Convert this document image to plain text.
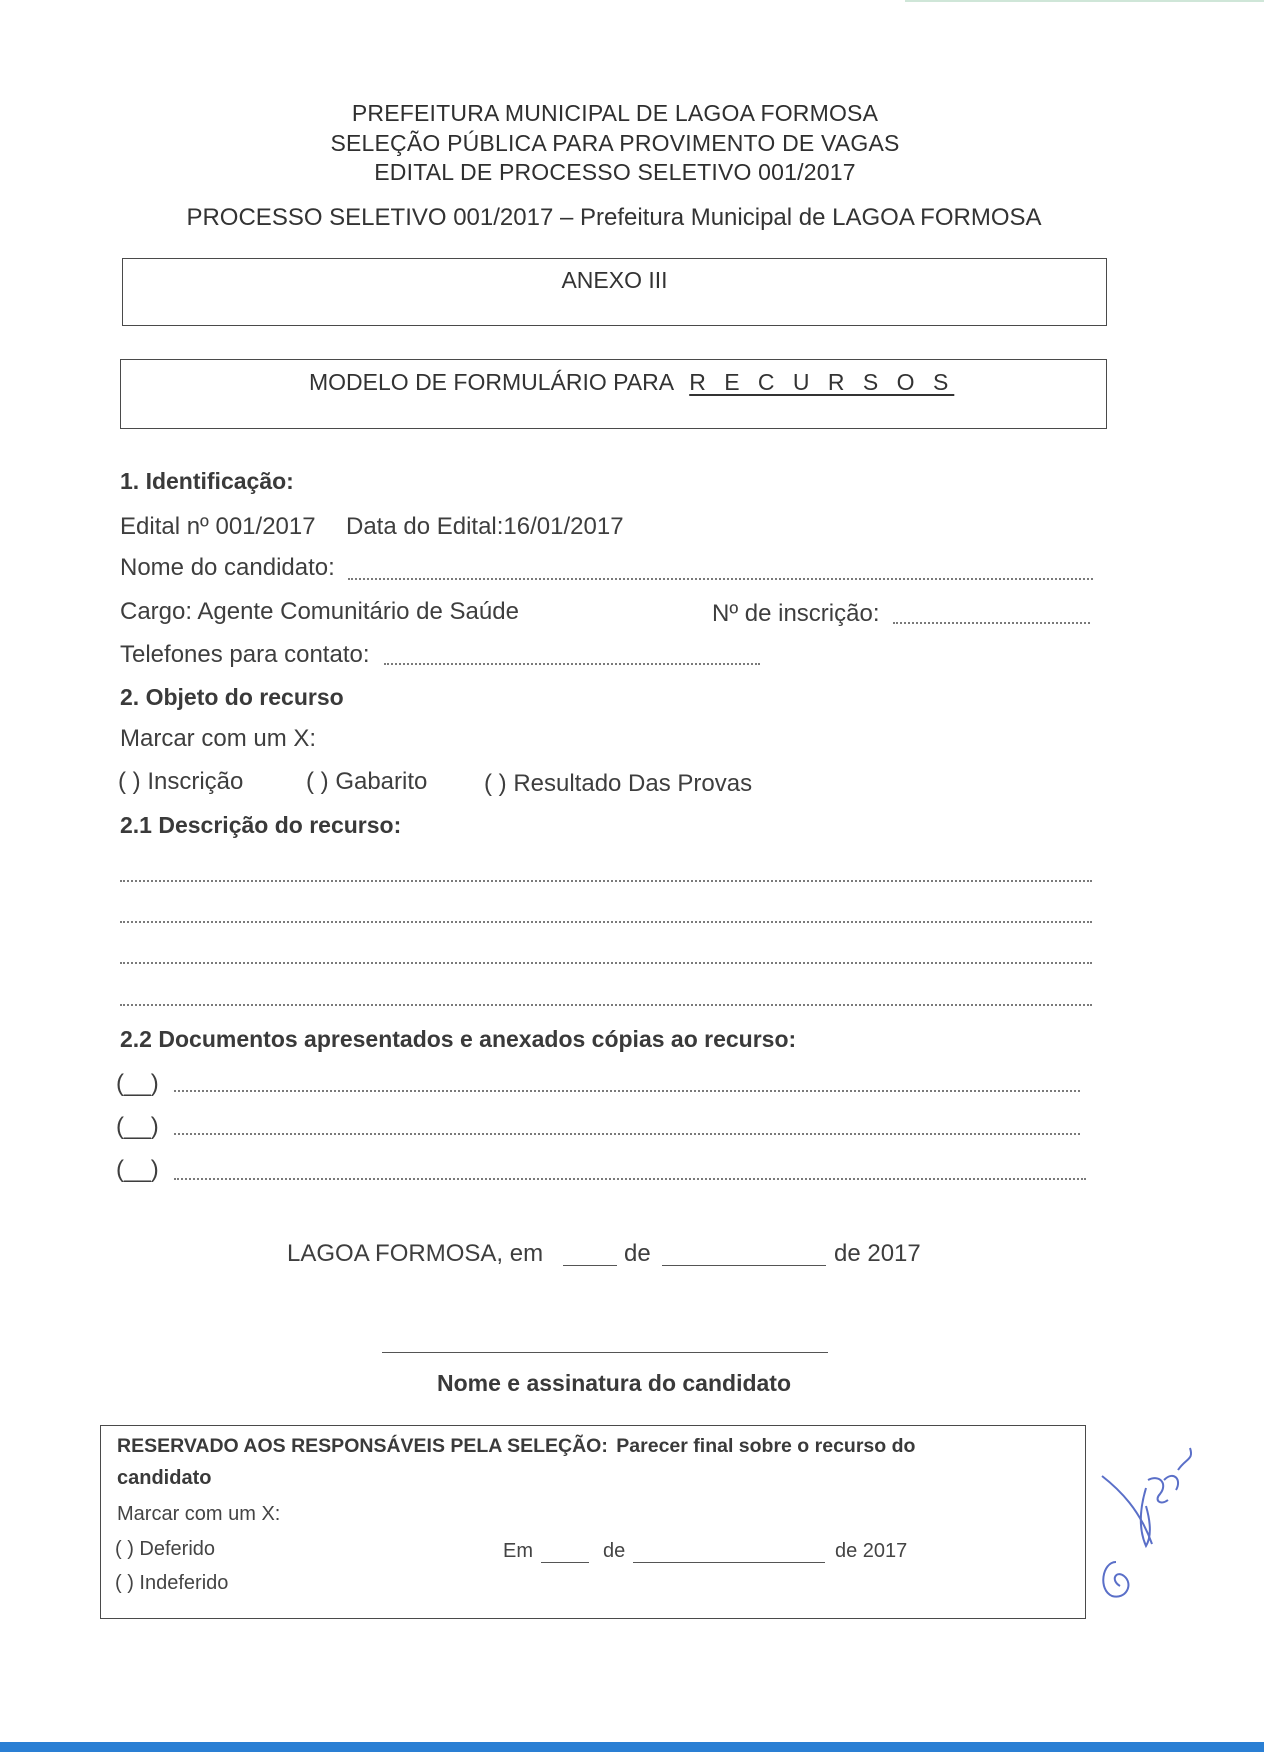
PREFEITURA MUNICIPAL DE LAGOA FORMOSA
SELEÇÃO PÚBLICA PARA PROVIMENTO DE VAGAS
EDITAL DE PROCESSO SELETIVO 001/2017
PROCESSO SELETIVO 001/2017 – Prefeitura Municipal de LAGOA FORMOSA
ANEXO III
MODELO DE FORMULÁRIO PARA R E C U R S O S
1. Identificação:
Edital nº 001/2017 Data do Edital:16/01/2017
Nome do candidato:
Cargo: Agente Comunitário de Saúde	Nº de inscrição:
Telefones para contato:
2. Objeto do recurso
Marcar com um X:
( ) Inscrição	( ) Gabarito ( ) Resultado Das Provas
2.1 Descrição do recurso:
2.2 Documentos apresentados e anexados cópias ao recurso:
(__)
(__)
(__)
LAGOA FORMOSA, em	de	de 2017
Nome e assinatura do candidato
RESERVADO AOS RESPONSÁVEIS PELA SELEÇÃO: Parecer final sobre o recurso do
candidato
Marcar com um X:
( ) Deferido
( ) Indeferido
Em	de	de 2017
